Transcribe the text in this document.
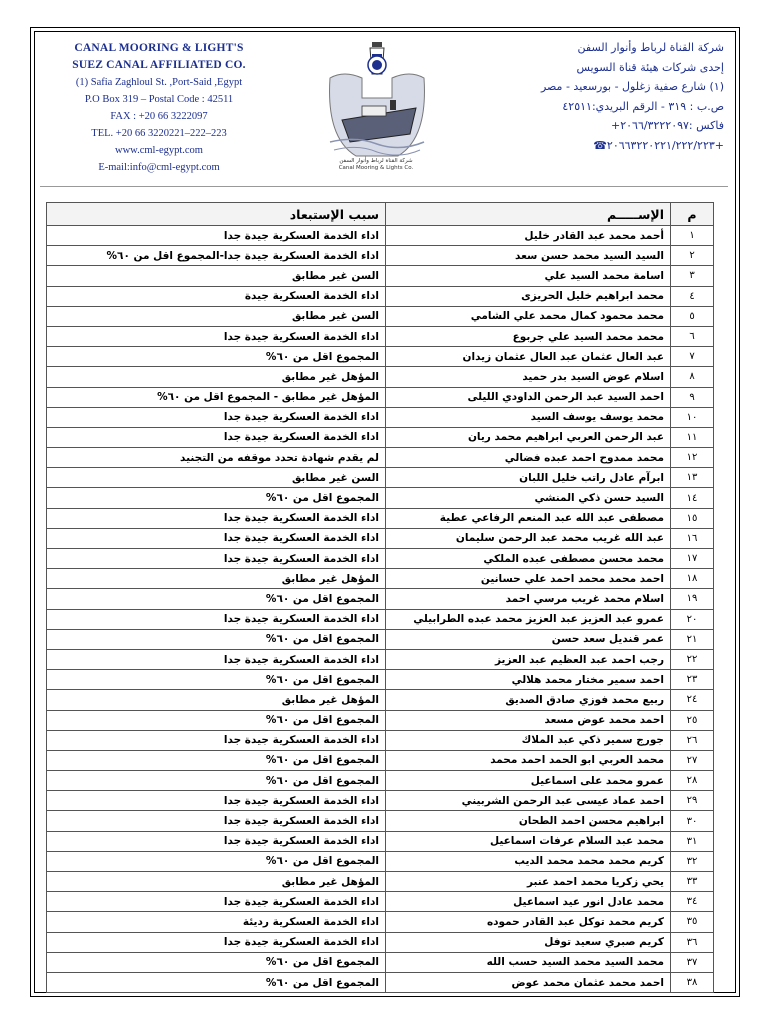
CANAL MOORING & LIGHT'S
SUEZ CANAL AFFILIATED CO.
(1) Safia Zaghloul St. ,Port-Said ,Egypt
P.O Box 319 – Postal Code : 42511
FAX : +20 66 3222097
TEL. +20 66 3220221–222–223
www.cml-egypt.com
E-mail:info@cml-egypt.com
شركة القناة لرباط وأنوار السفن
Canal Mooring & Lights Co.
شركة القناة لرباط وأنوار السفن
إحدى شركات هيئة قناة السويس
(١) شارع صفية زغلول - بورسعيد - مصر
ص.ب : ٣١٩ - الرقم البريدي:٤٢٥١١
فاكس :٢٠٦٦/٣٢٢٢٠٩٧+
+٢٠٦٦٣٢٢٠٢٢١/٢٢٢/٢٢٣☎
م	الإســـــم	سبب الإستبعاد
١	أحمد محمد عبد القادر خليل	اداء الخدمة العسكرية جيدة جدا
٢	السيد السيد محمد حسن سعد	اداء الخدمة العسكرية جيدة جدا-المجموع اقل من ٦٠%
٣	اسامة محمد السيد علي	السن غير مطابق
٤	محمد ابراهيم خليل الحريزى	اداء الخدمة العسكرية جيدة
٥	محمد محمود كمال محمد علي الشامي	السن غير مطابق
٦	محمد محمد السيد علي جربوع	اداء الخدمة العسكرية جيدة جدا
٧	عبد العال عثمان عبد العال عثمان زيدان	المجموع اقل من ٦٠%
٨	اسلام عوض السيد بدر حميد	المؤهل غير مطابق
٩	احمد السيد عبد الرحمن الداودي الليلى	المؤهل غير مطابق - المجموع اقل من ٦٠%
١٠	محمد يوسف يوسف السيد	اداء الخدمة العسكرية جيدة جدا
١١	عبد الرحمن العربي ابراهيم محمد ريان	اداء الخدمة العسكرية جيدة جدا
١٢	محمد ممدوح احمد عبده فضالي	لم يقدم شهادة تحدد موقفه من التجنيد
١٣	ابرآم عادل راتب خليل اللبان	السن غير مطابق
١٤	السيد حسن ذكي المنشي	المجموع اقل من ٦٠%
١٥	مصطفى عبد الله عبد المنعم الرفاعي عطية	اداء الخدمة العسكرية جيدة جدا
١٦	عبد الله غريب محمد عبد الرحمن سليمان	اداء الخدمة العسكرية جيدة جدا
١٧	محمد محسن مصطفى عبده الملكي	اداء الخدمة العسكرية جيدة جدا
١٨	احمد محمد محمد احمد علي حسانين	المؤهل غير مطابق
١٩	اسلام محمد غريب مرسي احمد	المجموع اقل من ٦٠%
٢٠	عمرو عبد العزيز عبد العزيز محمد عبده الطرابيلي	اداء الخدمة العسكرية جيدة جدا
٢١	عمر قنديل سعد حسن	المجموع اقل من ٦٠%
٢٢	رجب احمد عبد العظيم عبد العزيز	اداء الخدمة العسكرية جيدة جدا
٢٣	احمد سمير مختار محمد هلالي	المجموع اقل من ٦٠%
٢٤	ربيع محمد فوزي صادق الصديق	المؤهل غير مطابق
٢٥	احمد محمد عوض مسعد	المجموع اقل من ٦٠%
٢٦	جورج سمير ذكي عبد الملاك	اداء الخدمة العسكرية جيدة جدا
٢٧	محمد العربي ابو الحمد احمد محمد	المجموع اقل من ٦٠%
٢٨	عمرو محمد على اسماعيل	المجموع اقل من ٦٠%
٢٩	احمد عماد عيسى عبد الرحمن الشربيني	اداء الخدمة العسكرية جيدة جدا
٣٠	ابراهيم محسن احمد الطحان	اداء الخدمة العسكرية جيدة جدا
٣١	محمد عبد السلام عرفات اسماعيل	اداء الخدمة العسكرية جيدة جدا
٣٢	كريم محمد محمد محمد الديب	المجموع اقل من ٦٠%
٣٣	يحي زكريا محمد احمد عنبر	المؤهل غير مطابق
٣٤	محمد عادل انور عيد اسماعيل	اداء الخدمة العسكرية جيدة جدا
٣٥	كريم محمد توكل عبد القادر حموده	اداء الخدمة العسكرية رديئة
٣٦	كريم صبري سعيد توفل	اداء الخدمة العسكرية جيدة جدا
٣٧	محمد السيد محمد السيد حسب الله	المجموع اقل من ٦٠%
٣٨	احمد محمد عثمان محمد عوض	المجموع اقل من ٦٠%
